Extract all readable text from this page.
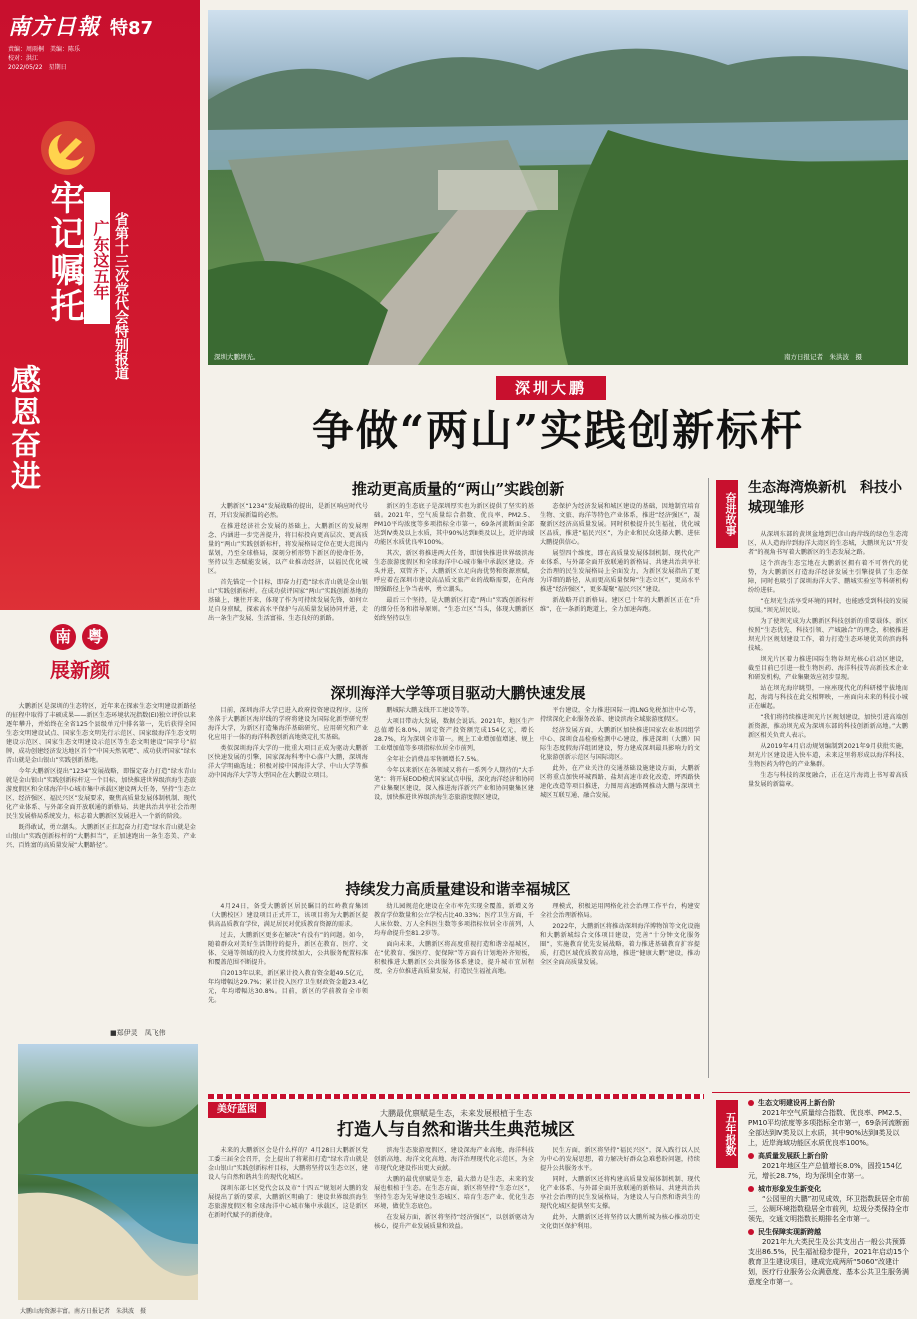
南方日報 特87
责编：周雨桐　美编：陈乐
校对：洪江
2022/05/22　星期日
牢记嘱托
感恩奋进
广东这五年 省第十三次党代会特别报道
南 粤
展新颜

大鹏新区是深圳的生态特区，近年来在探索生态文明建设新路径的征程中取得了丰硕成果——新区生态环境状况指数(EI)独立评价以来逐年攀升，并始终在全省125个县级单元中排名第一，先后获得全国生态文明建设试点、国家生态文明先行示范区、国家级海洋生态文明建设示范区、国家生态文明建设示范区等生态文明建设“国字号”招牌，成功创建经济发达地区首个“中国天然氧吧”、成功获评国家“绿水青山就是金山银山”实践创新基地。

今年大鹏新区提出“1234”发展战略，即锚定奋力打造“绿水青山就是金山银山”实践创新标杆这一个目标，加快推进世界级滨海生态旅游度假区和全球海洋中心城市集中承载区建设两大任务，坚持“生态立区、经济强区、福民兴区”发展要求，聚焦高质量发展体制机制、现代化产业体系、与外部全面开放联通的新格局、共建共治共享社会治理民生发展格局系统发力，标志着大鹏新区发展进入一个新的阶段。

既得敢试，勇立潮头。大鹏新区正扛起奋力打造“绿水青山就是金山银山”实践创新标杆的“大鹏担当”，正加速跑出一条生态美、产业兴、百姓富的高质量发展“大鹏路径”。

■郑伊灵　凤飞伟
大鹏山海资源丰富。南方日报记者　朱洪波　摄
深圳大鹏坝光。	南方日报记者　朱洪波　摄
深圳大鹏
争做“两山”实践创新标杆
推动更高质量的“两山”实践创新

大鹏新区“1234”发展战略的提出，是新区响应时代号召，开启发展新篇的必然。

在推进经济社会发展的基础上，大鹏新区的发展理念、内涵进一步完善提升，将目标投向更高层次、更高质量的“两山”实践创新标杆，将发展格局定位在更大范围内谋划，乃至全球格局，深刻分析形势下新区的使命任务，坚持以生态赋能发展，以产业推动经济，以福民优化城区。

首先锚定一个目标，即奋力打造“绿水青山就是金山银山”实践创新标杆。在成功获评国家“两山”实践创新基地的基础上，继往开来，体现了作为可持续发展先锋，如何立足自身禀赋，探索高水平保护与高质量发展协同并进，走出一条生产发展、生活富裕、生态良好的新路。

新区的生态底子是深圳厚实也为新区提供了坚实的基础。2021年，空气质量综合指数、优良率、PM2.5、PM10平均浓度等多项指标全市第一，69条河流断面全部达到Ⅳ类及以上水质，其中90%达到Ⅱ类及以上，近岸海域功能区水质优良率100%。

其次，新区将推进两大任务，即加快推进世界级滨海生态旅游度假区和全球海洋中心城市集中承载区建设。齐头并进，双管齐下，大鹏新区立足向海优势和资源禀赋，呼应着在深圳市建设高品质文旅产业的战略需要，在向海图强路径上争当表率，勇立潮头。

最后三个坚持，是大鹏新区打造“两山”实践创新标杆的细分任务和指导原则。“生态立区”当头，体现大鹏新区始终坚持以生

态保护为经济发展和城区建设的基础，因地制宜培育生物、文旅、海洋等特色产业体系，推进“经济强区”，凝聚新区经济高质量发展。同时积极提升民生福祉，优化城区品质，推进“福民兴区”，为企业和民众选择大鹏、进驻大鹏提供信心。

展望四个维度，即在高质量发展体制机制、现代化产业体系、与外部全面开放联通的新格局、共建共治共享社会治理的民生发展格局上全面发力，为新区发展指出了更为详细的路径，从而更高质量保障“生态立区”，更高水平推进“经济强区”，更多凝聚“福民兴区”建设。

新战略开启新格局。建区已十年的大鹏新区正在“升维”，在一条新的跑道上，全力加速奔跑。

深圳海洋大学等项目驱动大鹏快速发展

目前，深圳海洋大学已进入政府投资建设程序，这所坐落于大鹏新区海岸线的学府将建设为国际化新型研究型海洋大学，为新区打造集海洋基础研究、应用研究和产业化应用于一体的海洋科教创新高地奠定扎实基础。

类似深圳海洋大学的一批重大项目正成为驱动大鹏新区快速发展的引擎，国家深海科考中心落户大鹏，深圳海洋大学明确选址；积极对接中国海洋大学、中山大学等推动中国海洋大学等大型国企在大鹏设立项目。

鹏城际大鹏支线开工建设等等。

大项目带动大发展，数据会说话。2021年，地区生产总值增长8.0%，固定资产投资额完成154亿元，增长28.7%，均为深圳全市第一。规上工业增加值增速、规上工业增加值等多项指标位居全市前列，

全年社会消费品零售额增长7.5%。

今年以来新区在各领域又将有一系列令人期待的“大手笔”：将开展EOD模式国家试点申报，深化海洋经济和协同产业集聚区建设，深入推进海洋新兴产业和协同聚集区建设，加快推进世界级滨海生态旅游度假区建设，

平台建设，全力推进国际一流LNG免税加注中心等，持续深化企业服务改革、建设滨海全域旅游度假区。

经济发展方面，大鹏新区加快推进国家农业基因组学中心、深圳食品检验检测中心建设，推进深圳（大鹏）国际生态度假海洋组团建设，努力建成深圳最具影响力的文化旅游创新示范区与国际湾区。

此外，在产业关注的交通基础设施建设方面，大鹏新区将重点加快环城西路、盐坝高速市政化改造、坪西路快速化改造等项目推进，力图用高速路网推动大鹏与深圳主城区互联互通、融合发展。

持续发力高质量建设和谐幸福城区

4月24日，备受大鹏新区居民瞩目的红岭教育集团（大鹏校区）建设项目正式开工，该项目将为大鹏新区提供高品质教育学位，满足居民对优质教育资源的需求。

过去，大鹏新区更多在解决“有没有”的问题。如今，随着群众对美好生活期待的提升，新区在教育、医疗、文体、交通等领域的投入力度持续加大，公共服务配置标准和覆盖范围不断提升。

自2013年以来，新区累计投入教育资金超49.5亿元，年均增幅达29.7%；累计投入医疗卫生财政资金超23.4亿元，年均增幅达30.8%。目前，新区的学前教育全市领先。

幼儿园规范化建设在全市率先实现全覆盖，新增义务教育学位数量和公立学校占比40.33%；医疗卫生方面，千人床位数、万人全科医生数等多项指标位居全市前列，人均寿命提升至81.2岁等。

面向未来，大鹏新区将高度重视打造和谐幸福城区，在“优教育、强医疗、促保障”等方面有计划地补齐短板，积极推进大鹏新区公共服务体系建设，提升城市宜居程度，全方位推进高质量发展，打造民生福祉高地。

理模式，积极运用网格化社会治理工作平台，构建安全社会治理新格局。

2022年，大鹏新区将推动深圳海洋博物馆等文化设施和大鹏新城综合文体项目建设，完善“十分钟文化服务圈”，实施教育优先发展战略，着力推进基础教育扩容提质，打造区域优质教育高地，推进“健康大鹏”建设，推动全区全面高质量发展。

奋进故事
生态海湾焕新机　科技小城现雏形

从深圳东部的黄坝盆地到巴彦山海岸线的绿色生态湾区，从人造海岸到海洋大湾区的生态城，大鹏坝光以“开发者”的视角书写着大鹏新区的生态发展之路。

这个滨海生态宝地在大鹏新区拥有着不可替代的优势，为大鹏新区打造海洋经济发展主引擎提供了生态保障，同时也吸引了深圳海洋大学、鹏城实验室等科研机构纷纷进驻。

“在坝光生活享受环境的同时，也能感受到科技的发展氛围。”坝光居民说。

为了使坝光成为大鹏新区科技创新的重要载体，新区按照“生态优先、科技引领、产城融合”的理念，积极推进坝光片区规划建设工作，着力打造生态环境优美的滨海科技城。

坝光片区着力推进国际生物谷坝光核心启动区建设，截至目前已引进一批生物医药、海洋科技等高新技术企业和研发机构，产业集聚效应初步显现。

站在坝光海岸眺望，一座座现代化的科研楼宇拔地而起，海湾与科技在此交相辉映，一座面向未来的科技小城正在崛起。

“我们将持续推进坝光片区规划建设，加快引进高端创新资源，推动坝光成为深圳东部的科技创新新高地。”大鹏新区相关负责人表示。

从2019年4月启动规划编制到2021年9月获批实施，坝光片区建设进入快车道，未来这里将形成以海洋科技、生物医药为特色的产业集群。

生态与科技的深度融合，正在这片海湾上书写着高质量发展的新篇章。

五年报数
生态文明建设再上新台阶
2021年空气质量综合指数、优良率、PM2.5、PM10平均浓度等多项指标全市第一，69条河流断面全部达到Ⅳ类及以上水质，其中90%达到Ⅱ类及以上，近岸海域功能区水质优良率100%。
高质量发展跃上新台阶
2021年地区生产总值增长8.0%，固投154亿元，增长28.7%，均为深圳全市第一。
城市形象发生新变化
“公园里的大鹏”初见成效，环卫指数跃居全市前三，公厕环境指数稳居全市前列，垃圾分类保持全市领先，交通文明指数长期排名全市第一。
民生保障实现新跨越
2021年九大类民生及公共支出占一般公共预算支出86.5%，民生福祉稳步提升，2021年启动15个教育卫生建设项目，建成完成两所“5060”改建计划，医疗行业服务公众满意度、基本公共卫生服务满意度全市第一。
美好蓝图	大鹏最优禀赋是生态，未来发展根植于生态
打造人与自然和谐共生典范城区

未来的大鹏新区会是什么样的？4月28日大鹏新区党工委三届全会召开，会上提出了将紧扣打造“绿水青山就是金山银山”实践创新标杆目标，大鹏将坚持以生态立区，建设人与自然和谐共生的现代化城区。

深圳东部七区党代会以及市“十四五”规划对大鹏的发展提出了新的要求，大鹏新区明确了：建设世界级滨海生态旅游度假区和全球海洋中心城市集中承载区，这是新区在新时代赋予的新使命。

滨海生态旅游度假区，建设深海产业高地、海洋科技创新高地、海洋文化高地、海洋治理现代化示范区，为全市现代化建设作出更大贡献。

大鹏的最优禀赋是生态，最大潜力是生态，未来的发展也根植于生态。在生态方面，新区将坚持“生态立区”，坚持生态为先导建设生态城区、培育生态产业、优化生态环境，做优生态底色。

在发展方面，新区将坚持“经济强区”，以创新驱动为核心，提升产业发展质量和效益。

民生方面，新区将坚持“福民兴区”，深入践行以人民为中心的发展思想，着力解决好群众急难愁盼问题，持续提升公共服务水平。

同时，大鹏新区还将构建高质量发展体制机制、现代化产业体系、与外部全面开放联通的新格局、共建共治共享社会治理的民生发展格局，为建设人与自然和谐共生的现代化城区提供坚实支撑。

此外，大鹏新区还将坚持以大鹏所城为核心推动历史文化街区保护利用。
